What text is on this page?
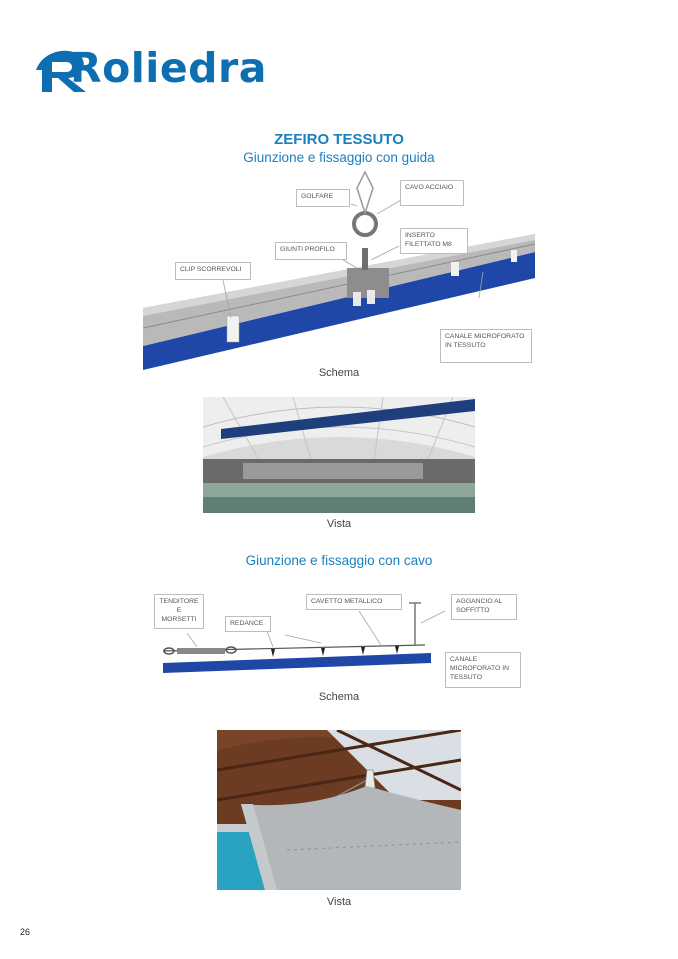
Roliedra
ZEFIRO TESSUTO
Giunzione e fissaggio con guida
GOLFARE
CAVO ACCIAIO
INSERTO FILETTATO M8
GIUNTI PROFILO
CLIP SCORREVOLI
CANALE MICROFORATO IN TESSUTO
Schema
Vista
Giunzione e fissaggio con cavo
TENDITORE E MORSETTI
REDANCE
CAVETTO METALLICO	AGGANCIO AL SOFFITTO
CANALE MICROFORATO IN TESSUTO
Schema
Vista
26
